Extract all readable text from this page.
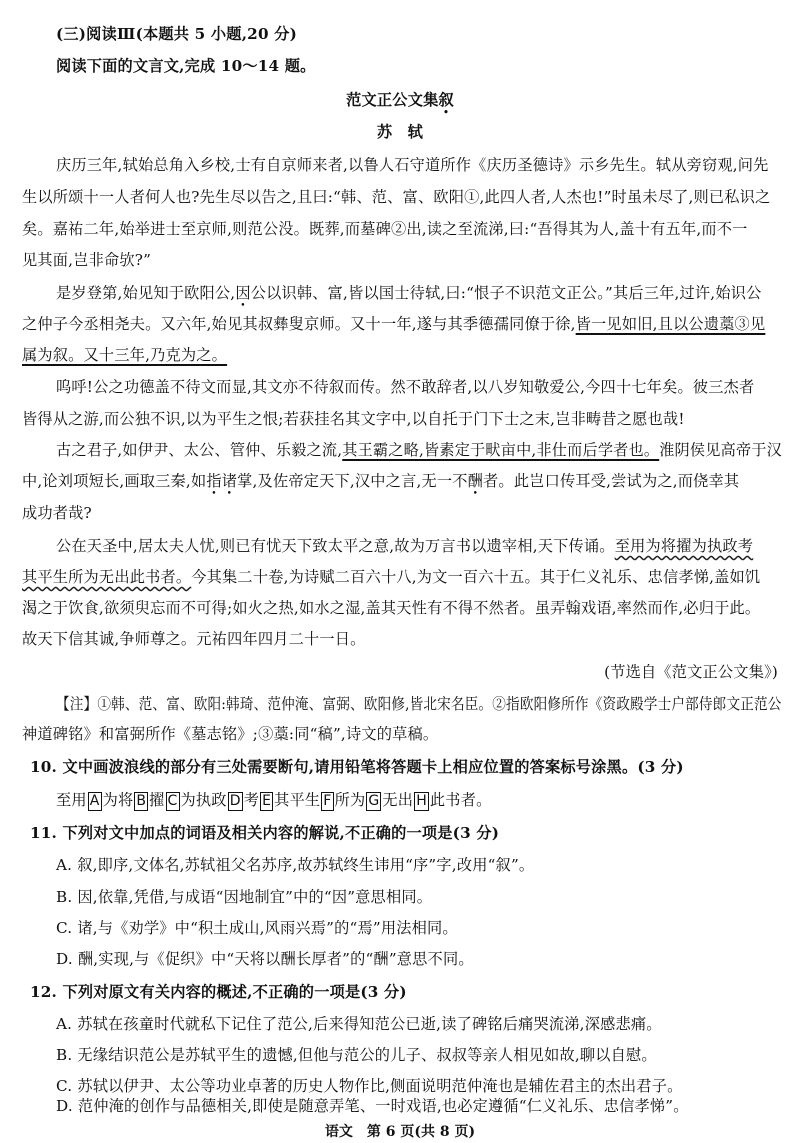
(三)阅读Ⅲ(本题共 5 小题,20 分)
阅读下面的文言文,完成 10～14 题。
范文正公文集叙
苏　轼
庆历三年,轼始总角入乡校,士有自京师来者,以鲁人石守道所作《庆历圣德诗》示乡先生。轼从旁窃观,问先
生以所颂十一人者何人也?先生尽以告之,且曰:“韩、范、富、欧阳①,此四人者,人杰也!”时虽未尽了,则已私识之
矣。嘉祐二年,始举进士至京师,则范公没。既葬,而墓碑②出,读之至流涕,曰:“吾得其为人,盖十有五年,而不一
见其面,岂非命欤?”
是岁登第,始见知于欧阳公,因公以识韩、富,皆以国士待轼,曰:“恨子不识范文正公。”其后三年,过许,始识公
之仲子今丞相尧夫。又六年,始见其叔彝叟京师。又十一年,遂与其季德孺同僚于徐,皆一见如旧,且以公遗藁③见
属为叙。又十三年,乃克为之。
呜呼!公之功德盖不待文而显,其文亦不待叙而传。然不敢辞者,以八岁知敬爱公,今四十七年矣。彼三杰者
皆得从之游,而公独不识,以为平生之恨;若获挂名其文字中,以自托于门下士之末,岂非畴昔之愿也哉!
古之君子,如伊尹、太公、管仲、乐毅之流,其王霸之略,皆素定于畎亩中,非仕而后学者也。淮阴侯见高帝于汉
中,论刘项短长,画取三秦,如指诸掌,及佐帝定天下,汉中之言,无一不酬者。此岂口传耳受,尝试为之,而侥幸其
成功者哉?
公在天圣中,居太夫人忧,则已有忧天下致太平之意,故为万言书以遗宰相,天下传诵。至用为将擢为执政考
其平生所为无出此书者。今其集二十卷,为诗赋二百六十八,为文一百六十五。其于仁义礼乐、忠信孝悌,盖如饥
渴之于饮食,欲须臾忘而不可得;如火之热,如水之湿,盖其天性有不得不然者。虽弄翰戏语,率然而作,必归于此。
故天下信其诚,争师尊之。元祐四年四月二十一日。
(节选自《范文正公文集》)
【注】①韩、范、富、欧阳:韩琦、范仲淹、富弼、欧阳修,皆北宋名臣。②指欧阳修所作《资政殿学士户部侍郎文正范公
神道碑铭》和富弼所作《墓志铭》;③藁:同“稿”,诗文的草稿。
10. 文中画波浪线的部分有三处需要断句,请用铅笔将答题卡上相应位置的答案标号涂黑。(3 分)
至用 A 为将 B 擢 C 为执政 D 考 E 其平生 F 所为 G 无出 H 此书者。
11. 下列对文中加点的词语及相关内容的解说,不正确的一项是(3 分)
A. 叙,即序,文体名,苏轼祖父名苏序,故苏轼终生讳用“序”字,改用“叙”。
B. 因,依靠,凭借,与成语“因地制宜”中的“因”意思相同。
C. 诸,与《劝学》中“积土成山,风雨兴焉”的“焉”用法相同。
D. 酬,实现,与《促织》中“天将以酬长厚者”的“酬”意思不同。
12. 下列对原文有关内容的概述,不正确的一项是(3 分)
A. 苏轼在孩童时代就私下记住了范公,后来得知范公已逝,读了碑铭后痛哭流涕,深感悲痛。
B. 无缘结识范公是苏轼平生的遗憾,但他与范公的儿子、叔叔等亲人相见如故,聊以自慰。
C. 苏轼以伊尹、太公等功业卓著的历史人物作比,侧面说明范仲淹也是辅佐君主的杰出君子。
语文　第 6 页(共 8 页)
D. 范仲淹的创作与品德相关,即使是随意弄笔、一时戏语,也必定遵循“仁义礼乐、忠信孝悌”。
